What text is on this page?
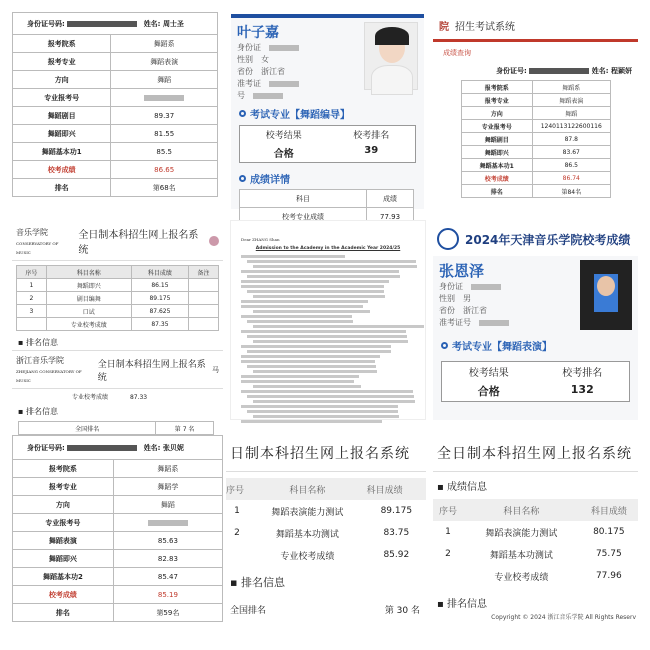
身份证号码: 姓名: 周士圣	
报考院系	舞蹈系
报考专业	舞蹈表演
方向	舞蹈
专业报考号	
舞蹈剧目	89.37
舞蹈即兴	81.55
舞蹈基本功1	85.5
校考成绩	86.65
排名	第68名
叶子嘉
身份证
性别 女
省份 浙江省
准考证
号
考试专业【舞蹈编导】
校考结果	校考排名
合格	39
成绩详情
科目	成绩
校考专业成绩	77.93

院 招生考试系统
成绩查询
身份证号:	姓名: 程颖妍
报考院系	舞蹈系
报考专业	舞蹈表演
方向	舞蹈
专业报考号	1240113122600116
舞蹈剧目	87.8
舞蹈即兴	83.67
舞蹈基本功1	86.5
校考成绩	86.74
排名	第84名
音乐学院
CONSERVATORY OF MUSIC
全日制本科招生网上报名系统
序号	科目名称	科目成绩	备注
1	舞蹈即兴	86.15	
2	剧目编舞	89.175	
3	口试	87.625	
	专业校考成绩	87.35	
▪ 排名信息
浙江音乐学院
ZHEJIANG CONSERVATORY OF MUSIC
全日制本科招生网上报名系统
马
专业校考成绩	87.33
▪ 排名信息
全国排名	第 7 名

Dear ZHANG Shan
Admission to the Academy in the Academic Year 2024/25
2024年天津音乐学院校考成绩
张恩泽
身份证
性别 男
省份 浙江省
准考证号
考试专业【舞蹈表演】
校考结果	校考排名
合格	132
身份证号码: 姓名: 张贝妮	
报考院系	舞蹈系
报考专业	舞蹈学
方向	舞蹈
专业报考号	
舞蹈表演	85.63
舞蹈即兴	82.83
舞蹈基本功2	85.47
校考成绩	85.19
排名	第59名
日制本科招生网上报名系统
序号	科目名称	科目成绩
1	舞蹈表演能力测试	89.175
2	舞蹈基本功测试	83.75
	专业校考成绩	85.92
▪ 排名信息
全国排名	第 30 名
全日制本科招生网上报名系统
▪ 成绩信息
序号	科目名称	科目成绩
1	舞蹈表演能力测试	80.175
2	舞蹈基本功测试	75.75
	专业校考成绩	77.96
▪ 排名信息
Copyright © 2024 浙江音乐学院 All Rights Reserv
